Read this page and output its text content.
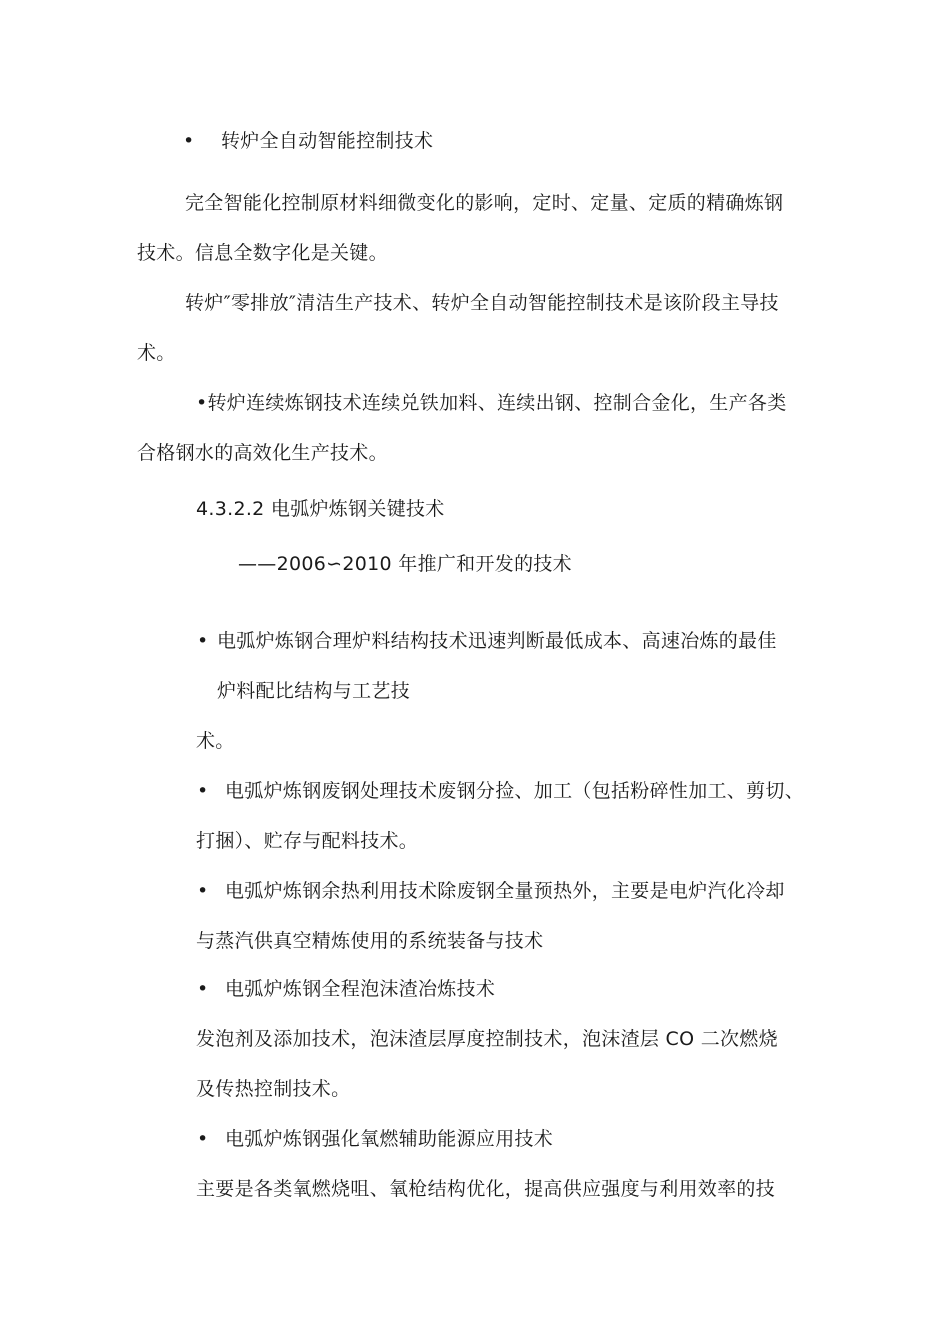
• 转炉全自动智能控制技术
完全智能化控制原材料细微变化的影响，定时、定量、定质的精确炼钢
技术。信息全数字化是关键。
转炉″零排放″清洁生产技术、转炉全自动智能控制技术是该阶段主导技
术。
•转炉连续炼钢技术连续兑铁加料、连续出钢、控制合金化，生产各类
合格钢水的高效化生产技术。
4.3.2.2 电弧炉炼钢关键技术
——2006∽2010 年推广和开发的技术
• 电弧炉炼钢合理炉料结构技术迅速判断最低成本、高速冶炼的最佳
炉料配比结构与工艺技
术。
• 电弧炉炼钢废钢处理技术废钢分捡、加工（包括粉碎性加工、剪切、
打捆）、贮存与配料技术。
• 电弧炉炼钢余热利用技术除废钢全量预热外，主要是电炉汽化冷却
与蒸汽供真空精炼使用的系统装备与技术
• 电弧炉炼钢全程泡沫渣冶炼技术
发泡剂及添加技术，泡沫渣层厚度控制技术，泡沫渣层 CO 二次燃烧
及传热控制技术。
• 电弧炉炼钢强化氧燃辅助能源应用技术
主要是各类氧燃烧咀、氧枪结构优化，提高供应强度与利用效率的技
